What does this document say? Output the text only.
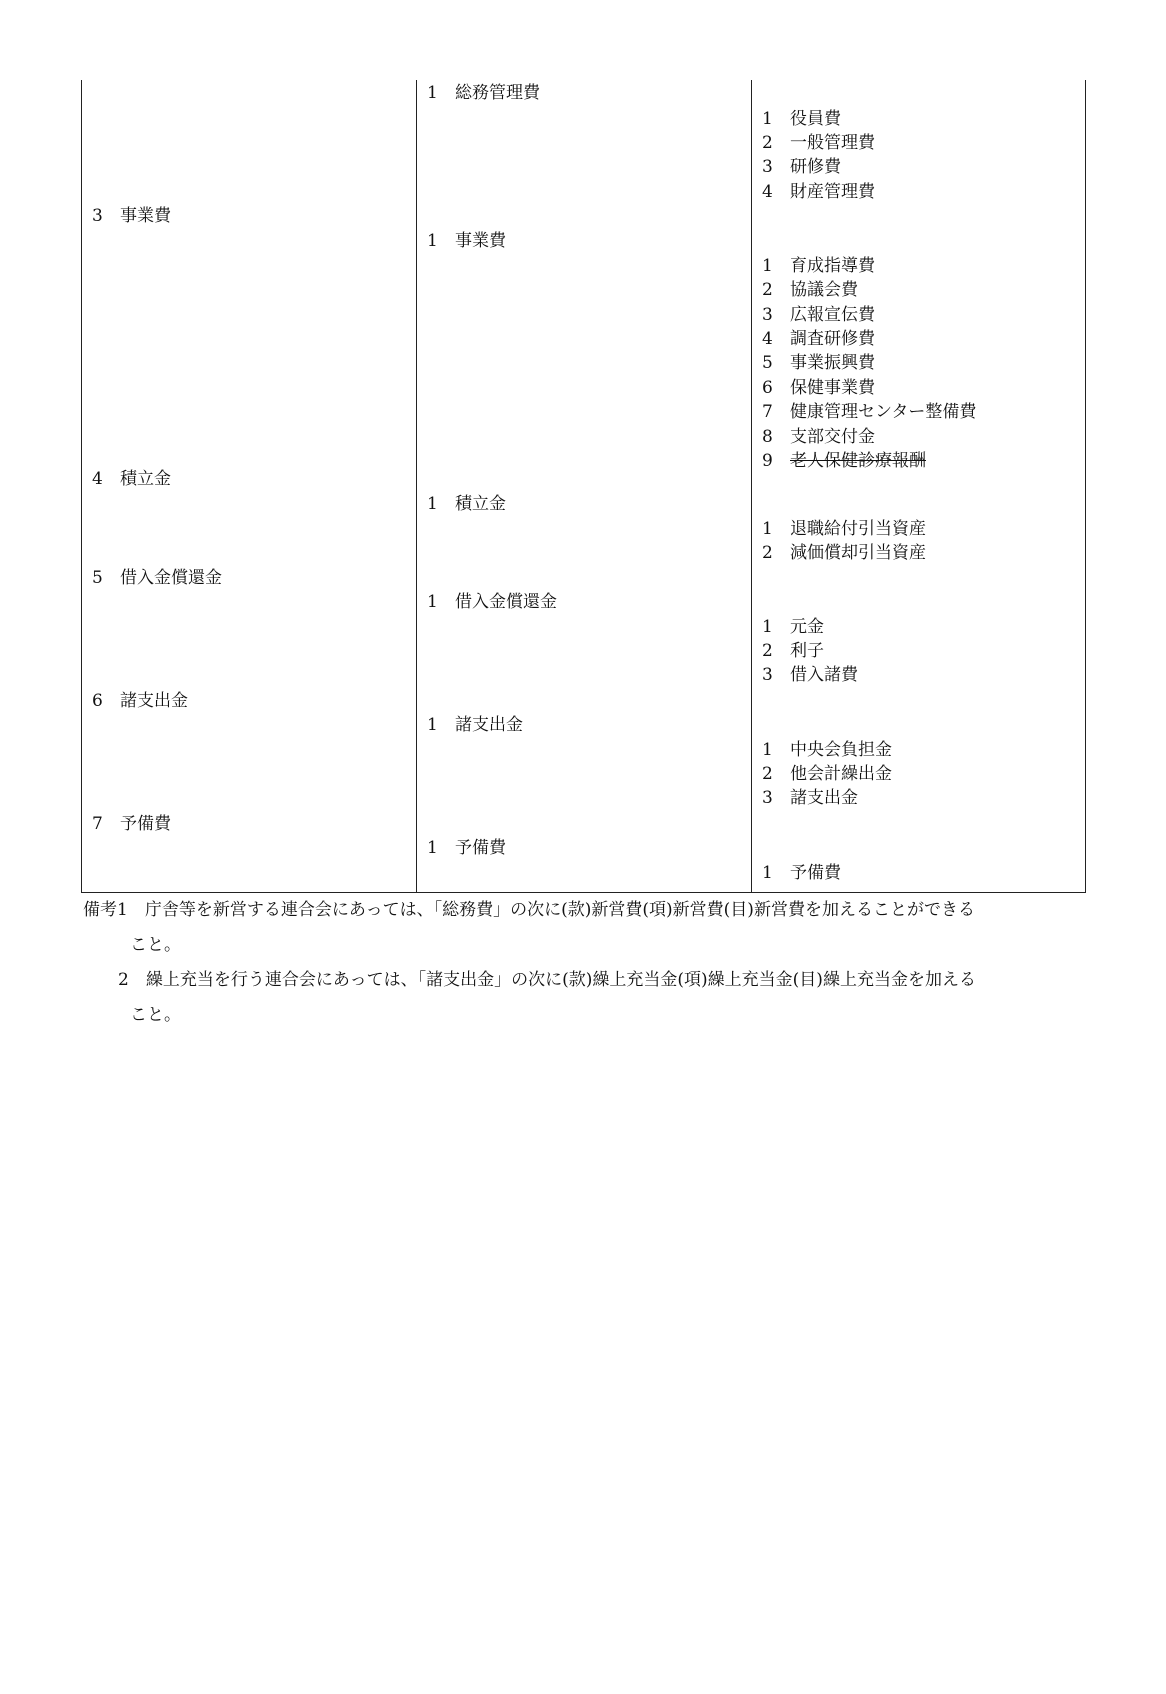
3 事業費
4 積立金
5 借入金償還金
6 諸支出金
7 予備費
1 総務管理費
1 事業費
1 積立金
1 借入金償還金
1 諸支出金
1 予備費
1 役員費
2 一般管理費
3 研修費
4 財産管理費
1 育成指導費
2 協議会費
3 広報宣伝費
4 調査研修費
5 事業振興費
6 保健事業費
7 健康管理センター整備費
8 支部交付金
9 老人保健診療報酬
1 退職給付引当資産
2 減価償却引当資産
1 元金
2 利子
3 借入諸費
1 中央会負担金
2 他会計繰出金
3 諸支出金
1 予備費
備考1　庁舎等を新営する連合会にあっては、「総務費」の次に(款)新営費(項)新営費(目)新営費を加えることができる
こと。
2　繰上充当を行う連合会にあっては、「諸支出金」の次に(款)繰上充当金(項)繰上充当金(目)繰上充当金を加える
こと。
